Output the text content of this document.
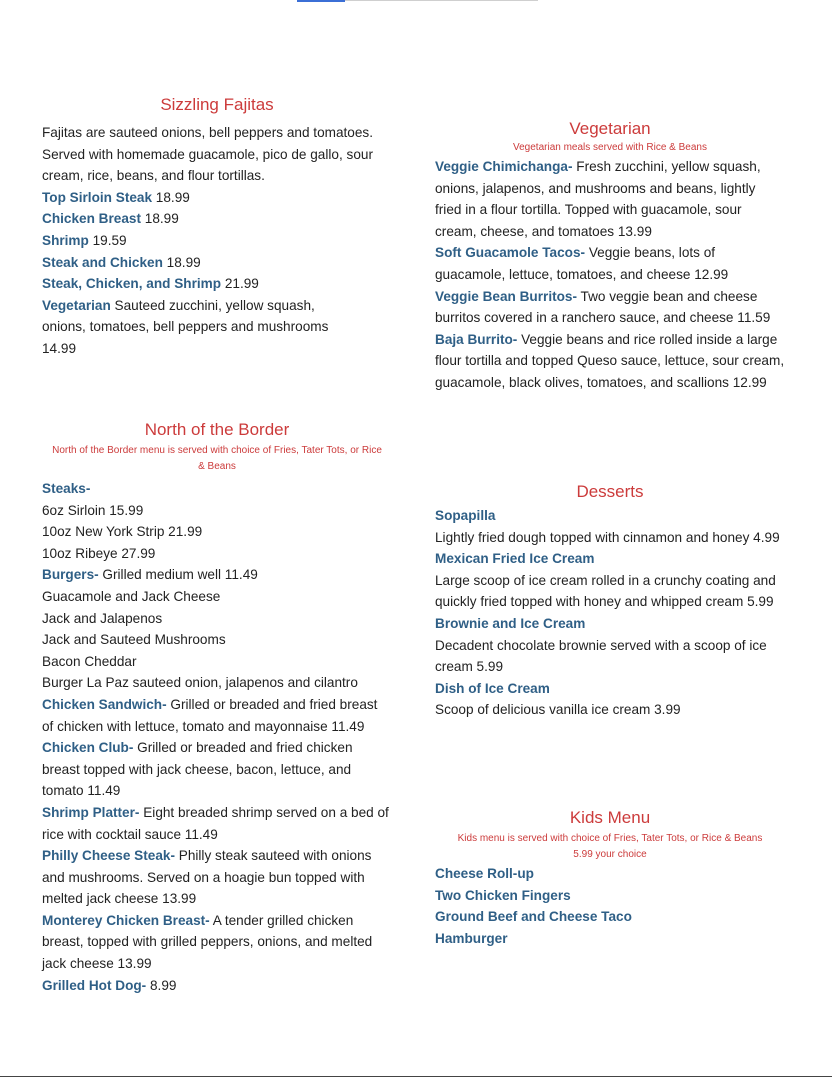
Sizzling Fajitas

Fajitas are sauteed onions, bell peppers and tomatoes. Served with homemade guacamole, pico de gallo, sour cream, rice, beans, and flour tortillas.

Top Sirloin Steak 18.99

Chicken Breast 18.99

Shrimp 19.59

Steak and Chicken 18.99

Steak, Chicken, and Shrimp 21.99

Vegetarian Sauteed zucchini, yellow squash, onions, tomatoes, bell peppers and mushrooms 14.99

North of the Border

North of the Border menu is served with choice of Fries, Tater Tots, or Rice & Beans

Steaks-

6oz Sirloin 15.99

10oz New York Strip 21.99

10oz Ribeye 27.99

Burgers- Grilled medium well 11.49

Guacamole and Jack Cheese

Jack and Jalapenos

Jack and Sauteed Mushrooms

Bacon Cheddar

Burger La Paz sauteed onion, jalapenos and cilantro

Chicken Sandwich- Grilled or breaded and fried breast of chicken with lettuce, tomato and mayonnaise 11.49

Chicken Club- Grilled or breaded and fried chicken breast topped with jack cheese, bacon, lettuce, and tomato 11.49

Shrimp Platter- Eight breaded shrimp served on a bed of rice with cocktail sauce 11.49

Philly Cheese Steak- Philly steak sauteed with onions and mushrooms. Served on a hoagie bun topped with melted jack cheese 13.99

Monterey Chicken Breast- A tender grilled chicken breast, topped with grilled peppers, onions, and melted jack cheese 13.99

Grilled Hot Dog- 8.99

Vegetarian

Vegetarian meals served with Rice & Beans

Veggie Chimichanga- Fresh zucchini, yellow squash, onions, jalapenos, and mushrooms and beans, lightly fried in a flour tortilla. Topped with guacamole, sour cream, cheese, and tomatoes 13.99

Soft Guacamole Tacos- Veggie beans, lots of guacamole, lettuce, tomatoes, and cheese 12.99

Veggie Bean Burritos- Two veggie bean and cheese burritos covered in a ranchero sauce, and cheese 11.59

Baja Burrito- Veggie beans and rice rolled inside a large flour tortilla and topped Queso sauce, lettuce, sour cream, guacamole, black olives, tomatoes, and scallions 12.99

Desserts

Sopapilla

Lightly fried dough topped with cinnamon and honey 4.99

Mexican Fried Ice Cream

Large scoop of ice cream rolled in a crunchy coating and quickly fried topped with honey and whipped cream 5.99

Brownie and Ice Cream

Decadent chocolate brownie served with a scoop of ice cream 5.99

Dish of Ice Cream

Scoop of delicious vanilla ice cream 3.99

Kids Menu

Kids menu is served with choice of Fries, Tater Tots, or Rice & Beans

5.99 your choice

Cheese Roll-up

Two Chicken Fingers

Ground Beef and Cheese Taco

Hamburger
